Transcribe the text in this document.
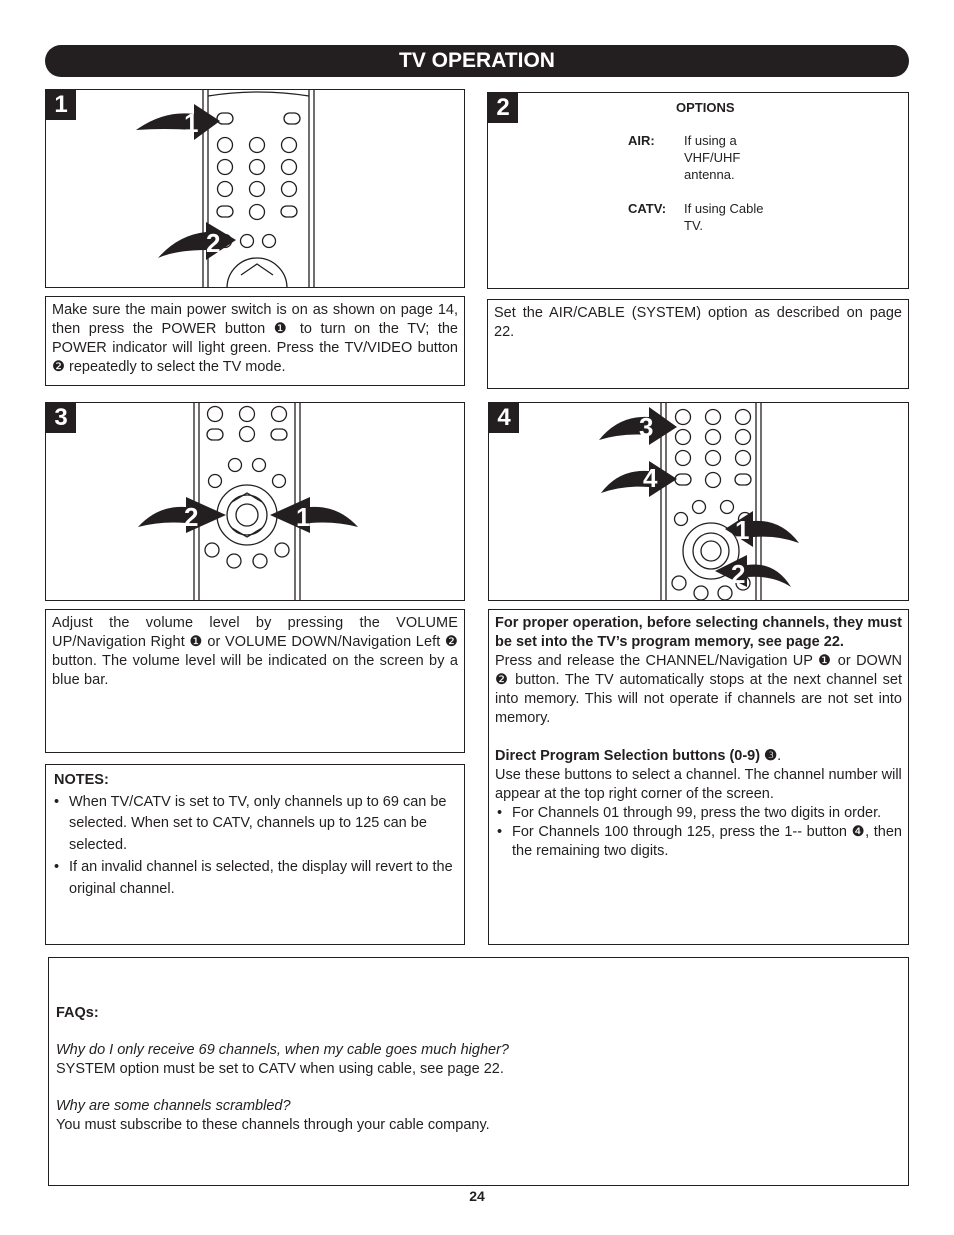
TV OPERATION
1
1
2
Make sure the main power switch is on as shown on page 14, then press the POWER button ❶ to turn on the TV; the POWER indicator will light green. Press the TV/VIDEO button ❷ repeatedly to select the TV mode.
2	OPTIONS
AIR:	If using a VHF/UHF antenna.
CATV:	If using Cable TV.
Set the AIR/CABLE (SYSTEM) option as described on page 22.
3
2	1
Adjust the volume level by pressing the VOLUME UP/Navigation Right ❶ or VOLUME DOWN/Navigation Left ❷ button. The volume level will be indicated on the screen by a blue bar.
NOTES:
• When TV/CATV is set to TV, only channels up to 69 can be selected. When set to CATV, channels up to 125 can be selected.
• If an invalid channel is selected, the display will revert to the original channel.
4	3
4
1
2
For proper operation, before selecting channels, they must be set into the TV’s program memory, see page 22.
Press and release the CHANNEL/Navigation UP ❶ or DOWN ❷ button. The TV automatically stops at the next channel set into memory. This will not operate if channels are not set into memory.
Direct Program Selection buttons (0-9) ❸.
Use these buttons to select a channel. The channel number will appear at the top right corner of the screen.
• For Channels 01 through 99, press the two digits in order.
• For Channels 100 through 125, press the 1-- button ❹, then the remaining two digits.
FAQs:
Why do I only receive 69 channels, when my cable goes much higher?
SYSTEM option must be set to CATV when using cable, see page 22.
Why are some channels scrambled?
You must subscribe to these channels through your cable company.
24
